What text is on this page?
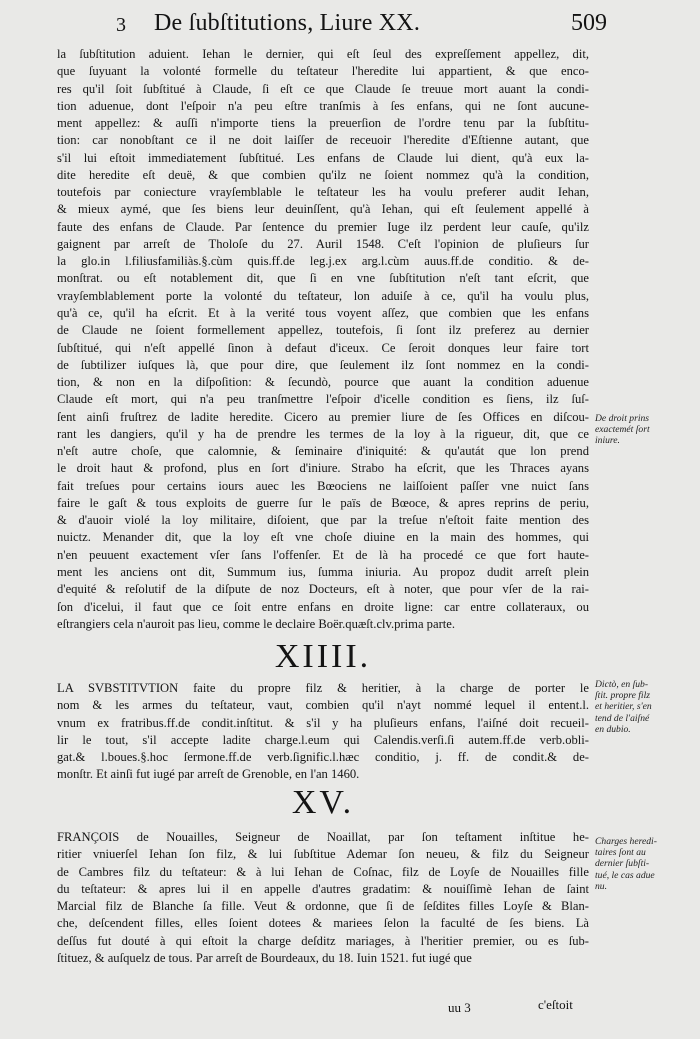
3 De ſubſtitutions, Liure XX.	509
la ſubſtitution aduient. Iehan le dernier, qui eſt ſeul des expreſſement appellez, dit,
que ſuyuant la volonté formelle du teſtateur l'heredite lui appartient, & que enco-
res qu'il ſoit ſubſtitué à Claude, ſi eſt ce que Claude ſe treuue mort auant la condi-
tion aduenue, dont l'eſpoir n'a peu eſtre tranſmis à ſes enfans, qui ne ſont aucune-
ment appellez: & auſſi n'importe tiens la preuerſion de l'ordre tenu par la ſubſtitu-
tion: car nonobſtant ce il ne doit laiſſer de receuoir l'heredite d'Eſtienne autant, que
s'il lui eſtoit immediatement ſubſtitué. Les enfans de Claude lui dient, qu'à eux la-
dite heredite eſt deuë, & que combien qu'ilz ne ſoient nommez qu'à la condition,
toutefois par coniecture vrayſemblable le teſtateur les ha voulu preferer audit Iehan,
& mieux aymé, que ſes biens leur deuinſſent, qu'à Iehan, qui eſt ſeulement appellé à
faute des enfans de Claude. Par ſentence du premier Iuge ilz perdent leur cauſe, qu'ilz
gaignent par arreſt de Tholoſe du 27. Auril 1548. C'eſt l'opinion de pluſieurs ſur
la glo.in l.filiusfamiliàs.§.cùm quis.ff.de leg.j.ex arg.l.cùm auus.ff.de conditio. & de-
monſtrat. ou eſt notablement dit, que ſi en vne ſubſtitution n'eſt tant eſcrit, que
vrayſemblablement porte la volonté du teſtateur, lon aduiſe à ce, qu'il ha voulu plus,
qu'à ce, qu'il ha eſcrit. Et à la verité tous voyent aſſez, que combien que les enfans
de Claude ne ſoient formellement appellez, toutefois, ſi ſont ilz preferez au dernier
ſubſtitué, qui n'eſt appellé ſinon à defaut d'iceux. Ce ſeroit donques leur faire tort
de ſubtilizer iuſques là, que pour dire, que ſeulement ilz ſont nommez en la condi-
tion, & non en la diſpoſition: & ſecundò, pource que auant la condition aduenue
Claude eſt mort, qui n'a peu tranſmettre l'eſpoir d'icelle condition es ſiens, ilz ſuſ-
ſent ainſi fruſtrez de ladite heredite. Cicero au premier liure de ſes Offices en diſcou-
rant les dangiers, qu'il y ha de prendre les termes de la loy à la rigueur, dit, que ce
n'eſt autre choſe, que calomnie, & ſeminaire d'iniquité: & qu'autát que lon prend
le droit haut & profond, plus en ſort d'iniure. Strabo ha eſcrit, que les Thraces ayans
fait treſues pour certains iours auec les Bœociens ne laiſſoient paſſer vne nuict ſans
faire le gaſt & tous exploits de guerre ſur le païs de Bœoce, & apres reprins de periu,
& d'auoir violé la loy militaire, diſoient, que par la treſue n'eſtoit faite mention des
nuictz. Menander dit, que la loy eſt vne choſe diuine en la main des hommes, qui
n'en peuuent exactement vſer ſans l'offenſer. Et de là ha procedé ce que fort haute-
ment les anciens ont dit, Summum ius, ſumma iniuria. Au propoz dudit arreſt plein
d'equité & reſolutif de la diſpute de noz Docteurs, eſt à noter, que pour vſer de la rai-
ſon d'icelui, il faut que ce ſoit entre enfans en droite ligne: car entre collateraux, ou
eſtrangiers cela n'auroit pas lieu, comme le declaire Boër.quæſt.clv.prima parte.
XIIII.
LA SVBSTITVTION faite du propre filz & heritier, à la charge de porter le
nom & les armes du teſtateur, vaut, combien qu'il n'ayt nommé lequel il entent.l.
vnum ex fratribus.ff.de condit.inſtitut. & s'il y ha pluſieurs enfans, l'aiſné doit recueil-
lir le tout, s'il accepte ladite charge.l.eum qui Calendis.verſi.ſi autem.ff.de verb.obli-
gat.& l.boues.§.hoc ſermone.ff.de verb.ſignific.l.hæc conditio, j. ff. de condit.& de-
monſtr. Et ainſi fut iugé par arreſt de Grenoble, en l'an 1460.
XV.
FRANÇOIS de Nouailles, Seigneur de Noaillat, par ſon teſtament inſtitue he-
ritier vniuerſel Iehan ſon filz, & lui ſubſtitue Ademar ſon neueu, & filz du Seigneur
de Cambres filz du teſtateur: & à lui Iehan de Coſnac, filz de Loyſe de Nouailles fille
du teſtateur: & apres lui il en appelle d'autres gradatim: & nouiſſimè Iehan de ſaint
Marcial filz de Blanche ſa fille. Veut & ordonne, que ſi de ſeſdites filles Loyſe & Blan-
che, deſcendent filles, elles ſoient dotees & mariees ſelon la faculté de ſes biens. Là
deſſus fut douté à qui eſtoit la charge deſditz mariages, à l'heritier premier, ou es ſub-
ſtituez, & auſquelz de tous. Par arreſt de Bourdeaux, du 18. Iuin 1521. fut iugé que
De droit prins
exactemét ſort
iniure.
Dictò, en ſub-
ſtit. propre filz
et heritier, s'en
tend de l'aiſné
en dubio.
Charges heredi-
taires ſont au
dernier ſubſti-
tué, le cas adue
nu.
uu 3	c'eſtoit
